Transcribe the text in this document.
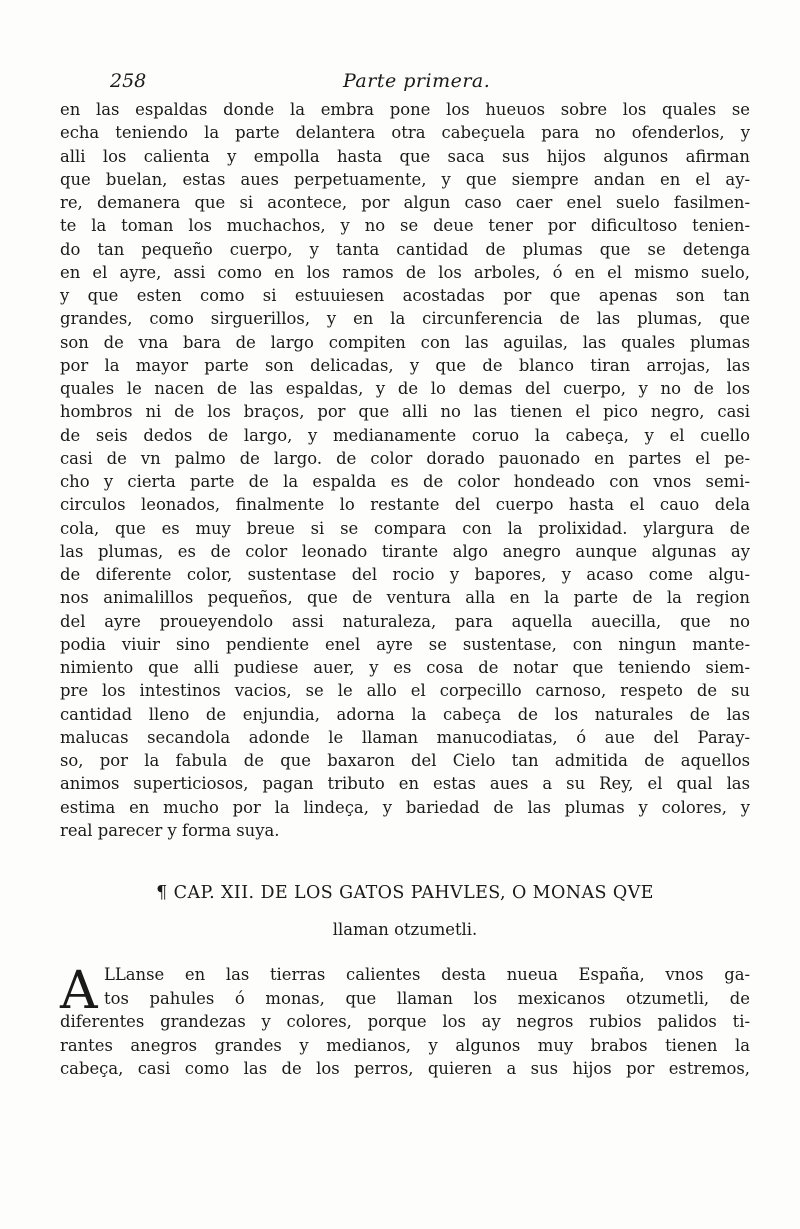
258	Parte primera.
en las espaldas donde la embra pone los hueuos sobre los quales se
echa teniendo la parte delantera otra cabeçuela para no ofenderlos, y
alli los calienta y empolla hasta que saca sus hijos algunos afirman
que buelan, estas aues perpetuamente, y que siempre andan en el ay-
re, demanera que si acontece, por algun caso caer enel suelo fasilmen-
te la toman los muchachos, y no se deue tener por dificultoso tenien-
do tan pequeño cuerpo, y tanta cantidad de plumas que se detenga
en el ayre, assi como en los ramos de los arboles, ó en el mismo suelo,
y que esten como si estuuiesen acostadas por que apenas son tan
grandes, como sirguerillos, y en la circunferencia de las plumas, que
son de vna bara de largo compiten con las aguilas, las quales plumas
por la mayor parte son delicadas, y que de blanco tiran arrojas, las
quales le nacen de las espaldas, y de lo demas del cuerpo, y no de los
hombros ni de los braços, por que alli no las tienen el pico negro, casi
de seis dedos de largo, y medianamente coruo la cabeça, y el cuello
casi de vn palmo de largo. de color dorado pauonado en partes el pe-
cho y cierta parte de la espalda es de color hondeado con vnos semi-
circulos leonados, finalmente lo restante del cuerpo hasta el cauo dela
cola, que es muy breue si se compara con la prolixidad. ylargura de
las plumas, es de color leonado tirante algo anegro aunque algunas ay
de diferente color, sustentase del rocio y bapores, y acaso come algu-
nos animalillos pequeños, que de ventura alla en la parte de la region
del ayre proueyendolo assi naturaleza, para aquella auecilla, que no
podia viuir sino pendiente enel ayre se sustentase, con ningun mante-
nimiento que alli pudiese auer, y es cosa de notar que teniendo siem-
pre los intestinos vacios, se le allo el corpecillo carnoso, respeto de su
cantidad lleno de enjundia, adorna la cabeça de los naturales de las
malucas secandola adonde le llaman manucodiatas, ó aue del Paray-
so, por la fabula de que baxaron del Cielo tan admitida de aquellos
animos superticiosos, pagan tributo en estas aues a su Rey, el qual las
estima en mucho por la lindeça, y bariedad de las plumas y colores, y
real parecer y forma suya.
¶ CAP. XII. DE LOS GATOS PAHVLES, O MONAS QVE
llaman otzumetli.
A LLanse en las tierras calientes desta nueua España, vnos ga-
tos pahules ó monas, que llaman los mexicanos otzumetli, de
diferentes grandezas y colores, porque los ay negros rubios palidos ti-
rantes anegros grandes y medianos, y algunos muy brabos tienen la
cabeça, casi como las de los perros, quieren a sus hijos por estremos,
